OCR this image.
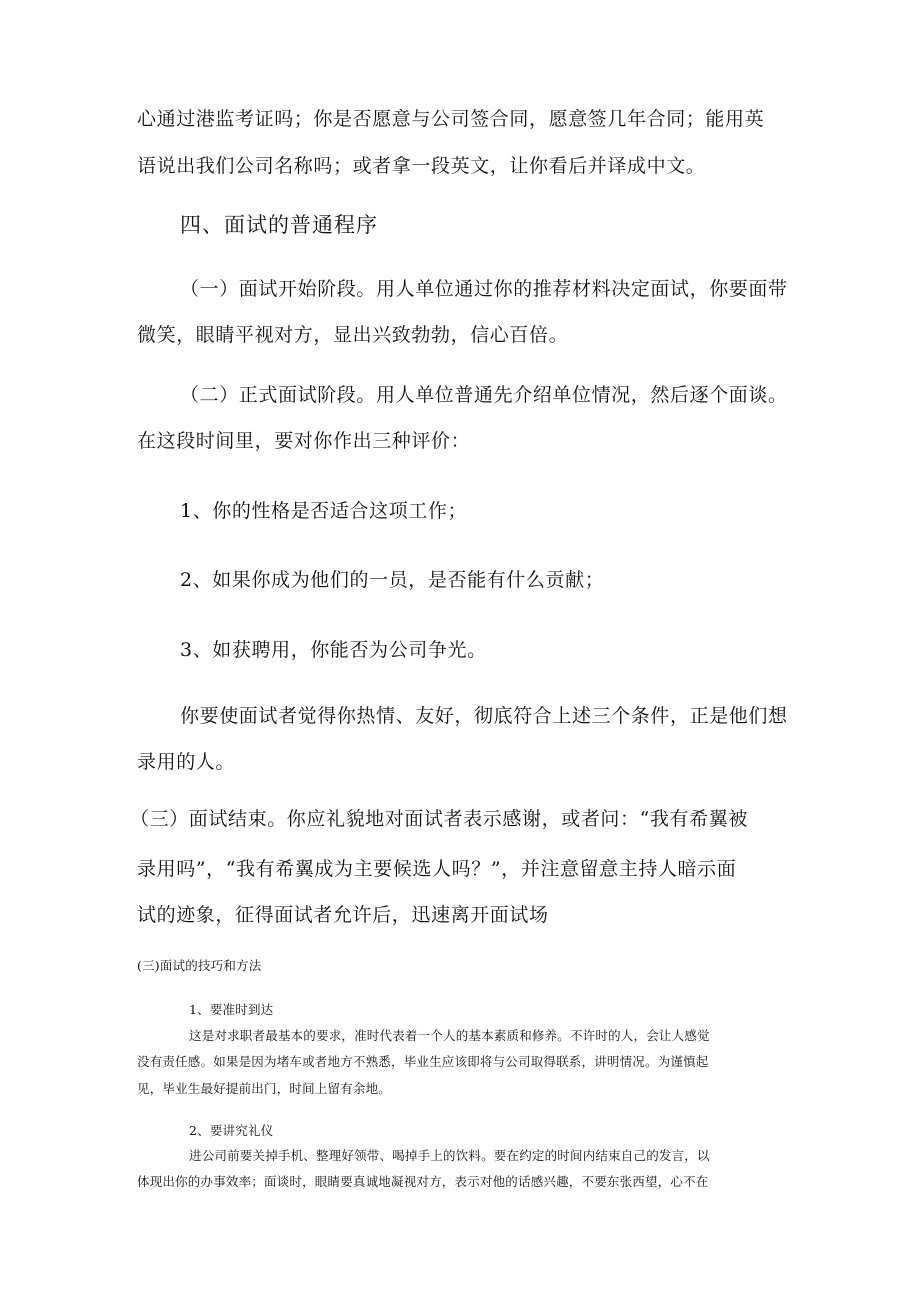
心通过港监考证吗；你是否愿意与公司签合同，愿意签几年合同；能用英
语说出我们公司名称吗；或者拿一段英文，让你看后并译成中文。
四、面试的普通程序
（一）面试开始阶段。用人单位通过你的推荐材料决定面试，你要面带
微笑，眼睛平视对方，显出兴致勃勃，信心百倍。
（二）正式面试阶段。用人单位普通先介绍单位情况，然后逐个面谈。
在这段时间里，要对你作出三种评价：
1、你的性格是否适合这项工作；
2、如果你成为他们的一员，是否能有什么贡献；
3、如获聘用，你能否为公司争光。
你要使面试者觉得你热情、友好，彻底符合上述三个条件，正是他们想
录用的人。
（三）面试结束。你应礼貌地对面试者表示感谢，或者问：“我有希翼被
录用吗”，“我有希翼成为主要候选人吗？”，并注意留意主持人暗示面
试的迹象，征得面试者允许后，迅速离开面试场
(三)面试的技巧和方法
1、要准时到达
这是对求职者最基本的要求，准时代表着一个人的基本素质和修养。不许时的人，会让人感觉
没有责任感。如果是因为堵车或者地方不熟悉，毕业生应该即将与公司取得联系，讲明情况。为谨慎起
见，毕业生最好提前出门，时间上留有余地。
2、要讲究礼仪
进公司前要关掉手机、整理好领带、喝掉手上的饮料。要在约定的时间内结束自己的发言，以
体现出你的办事效率；面谈时，眼睛要真诚地凝视对方，表示对他的话感兴趣，不要东张西望，心不在
